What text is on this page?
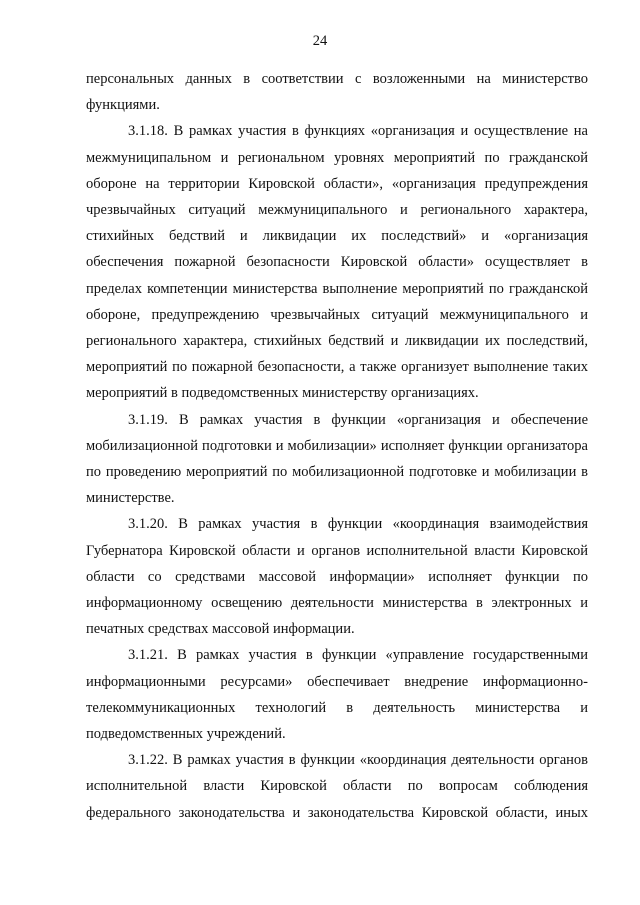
24

персональных данных в соответствии с возложенными на министерство функциями.

3.1.18. В рамках участия в функциях «организация и осуществление на межмуниципальном и региональном уровнях мероприятий по гражданской обороне на территории Кировской области», «организация предупреждения чрезвычайных ситуаций межмуниципального и регионального характера, стихийных бедствий и ликвидации их последствий» и «организация обеспечения пожарной безопасности Кировской области» осуществляет в пределах компетенции министерства выполнение мероприятий по гражданской обороне, предупреждению чрезвычайных ситуаций межмуниципального и регионального характера, стихийных бедствий и ликвидации их последствий, мероприятий по пожарной безопасности, а также организует выполнение таких мероприятий в подведомственных министерству организациях.

3.1.19. В рамках участия в функции «организация и обеспечение мобилизационной подготовки и мобилизации» исполняет функции организатора по проведению мероприятий по мобилизационной подготовке и мобилизации в министерстве.

3.1.20. В рамках участия в функции «координация взаимодействия Губернатора Кировской области и органов исполнительной власти Кировской области со средствами массовой информации» исполняет функции по информационному освещению деятельности министерства в электронных и печатных средствах массовой информации.

3.1.21. В рамках участия в функции «управление государственными информационными ресурсами» обеспечивает внедрение информационно-телекоммуникационных технологий в деятельность министерства и подведомственных учреждений.

3.1.22. В рамках участия в функции «координация деятельности органов исполнительной власти Кировской области по вопросам соблюдения федерального законодательства и законодательства Кировской области, иных
